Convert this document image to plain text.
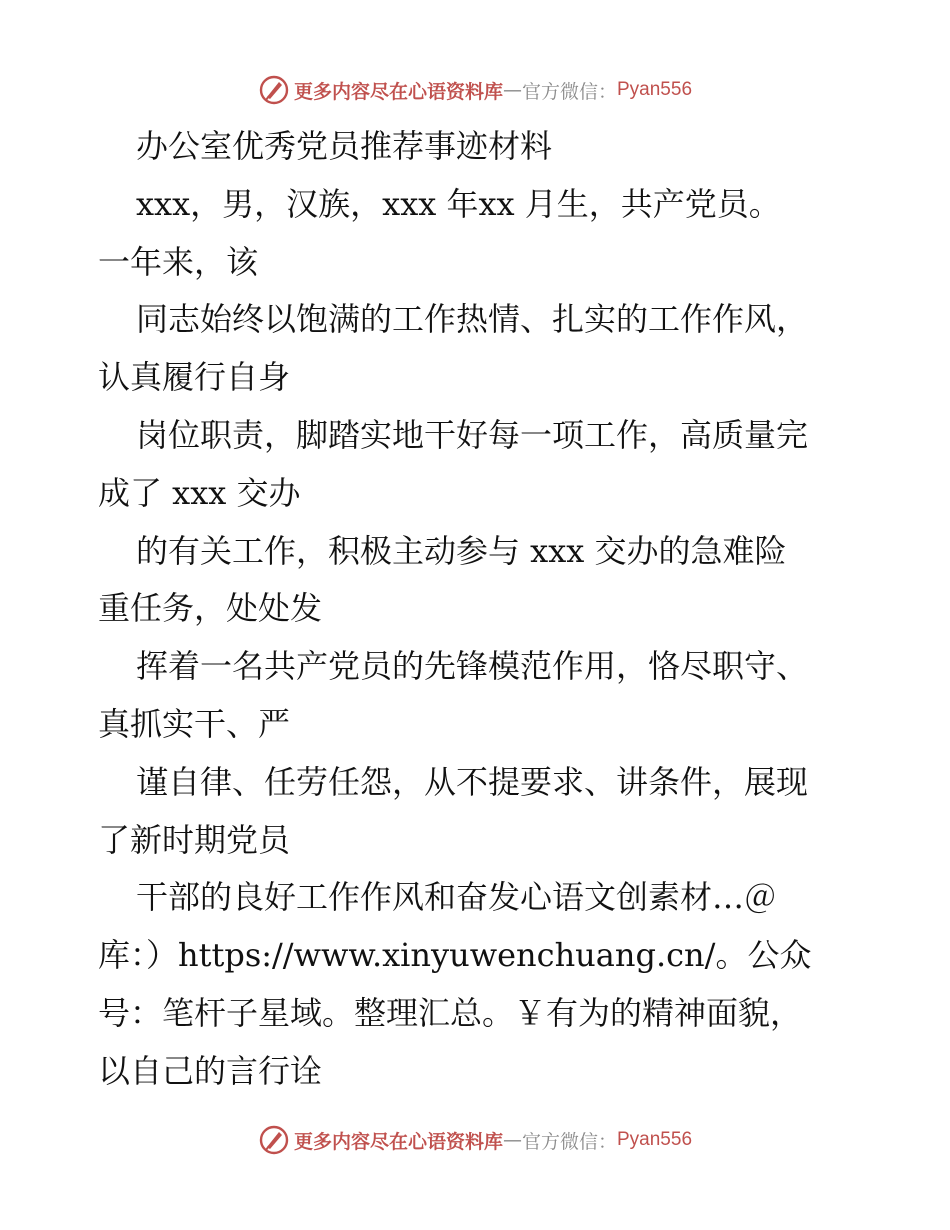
更多内容尽在心语资料库 — 官方微信： Pyan556
办公室优秀党员推荐事迹材料
xxx，男，汉族，xxx 年xx 月生，共产党员。
一年来，该
同志始终以饱满的工作热情、扎实的工作作风，
认真履行自身
岗位职责，脚踏实地干好每一项工作，高质量完
成了 xxx 交办
的有关工作，积极主动参与 xxx 交办的急难险
重任务，处处发
挥着一名共产党员的先锋模范作用，恪尽职守、
真抓实干、严
谨自律、任劳任怨，从不提要求、讲条件，展现
了新时期党员
干部的良好工作作风和奋发心语文创素材…＠
库：）https://www.xinyuwenchuang.cn/。公众
号：笔杆子星域。整理汇总。￥有为的精神面貌，
以自己的言行诠
更多内容尽在心语资料库 — 官方微信： Pyan556
